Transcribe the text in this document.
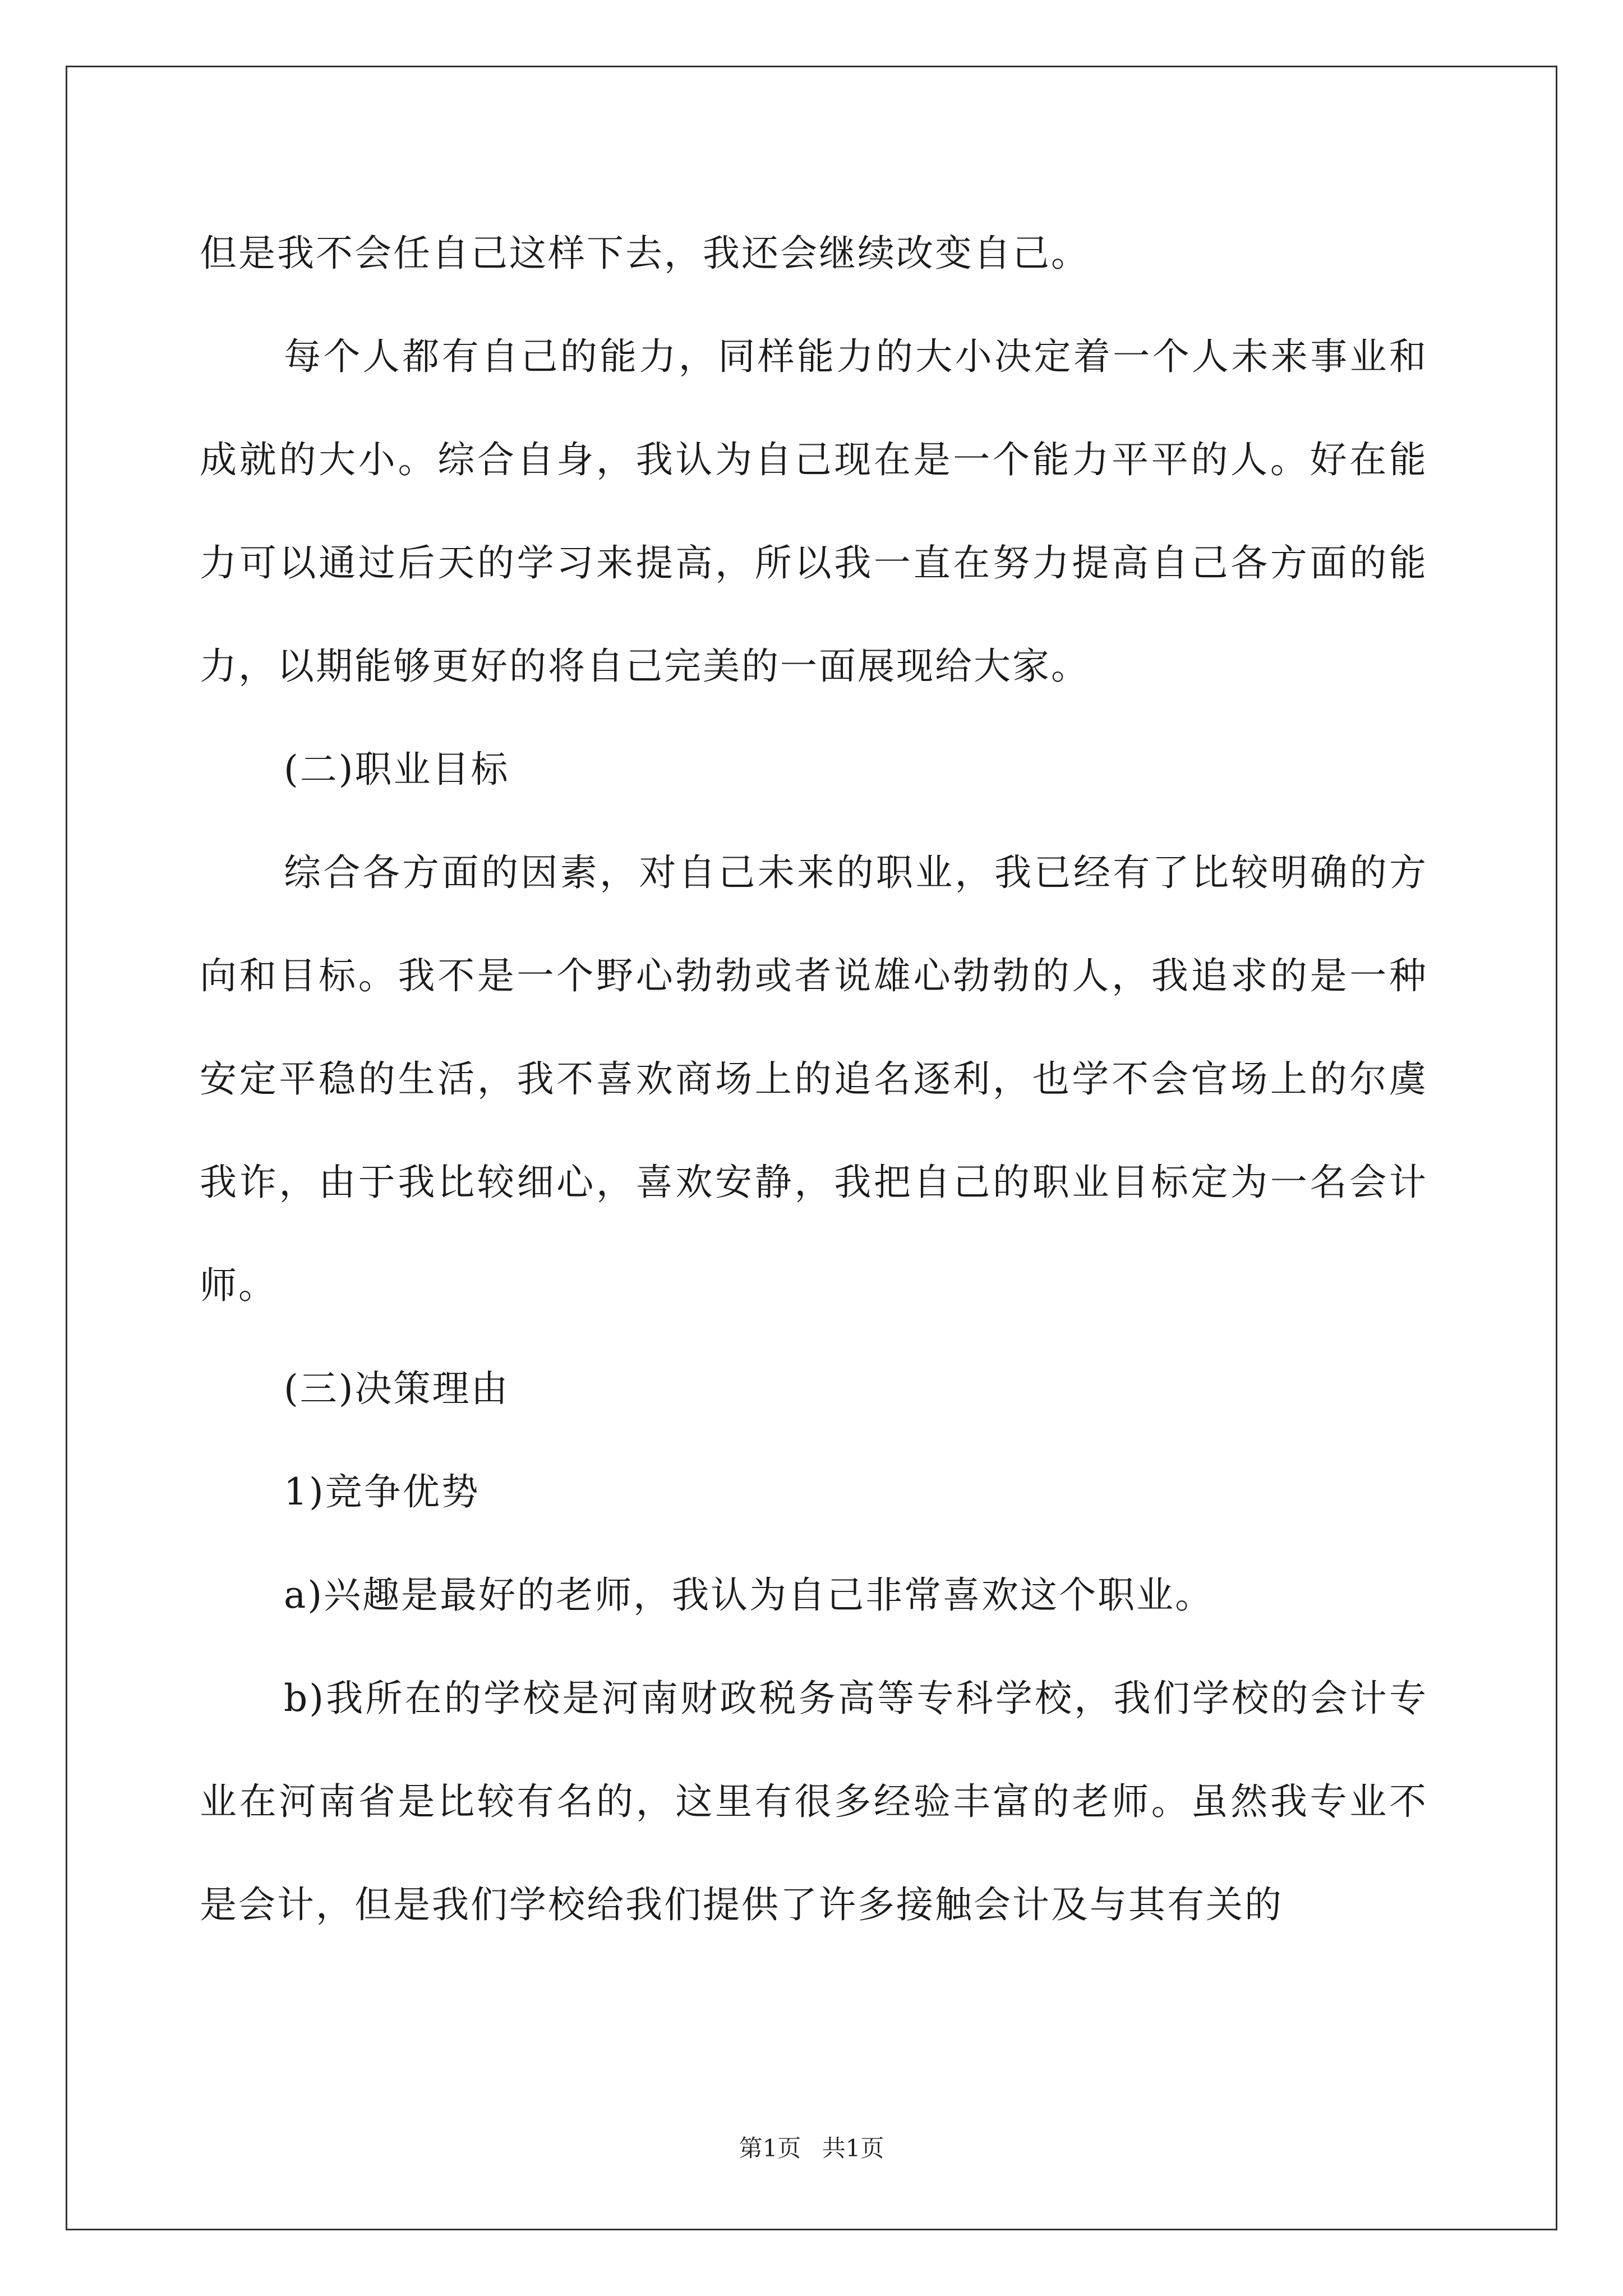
但是我不会任自己这样下去，我还会继续改变自己。

每个人都有自己的能力，同样能力的大小决定着一个人未来事业和成就的大小。综合自身，我认为自己现在是一个能力平平的人。好在能力可以通过后天的学习来提高，所以我一直在努力提高自己各方面的能力，以期能够更好的将自己完美的一面展现给大家。

(二)职业目标

综合各方面的因素，对自己未来的职业，我已经有了比较明确的方向和目标。我不是一个野心勃勃或者说雄心勃勃的人，我追求的是一种安定平稳的生活，我不喜欢商场上的追名逐利，也学不会官场上的尔虞我诈，由于我比较细心，喜欢安静，我把自己的职业目标定为一名会计师。

(三)决策理由

1)竞争优势

a)兴趣是最好的老师，我认为自己非常喜欢这个职业。

b)我所在的学校是河南财政税务高等专科学校，我们学校的会计专业在河南省是比较有名的，这里有很多经验丰富的老师。虽然我专业不是会计，但是我们学校给我们提供了许多接触会计及与其有关的

第1页 共1页
